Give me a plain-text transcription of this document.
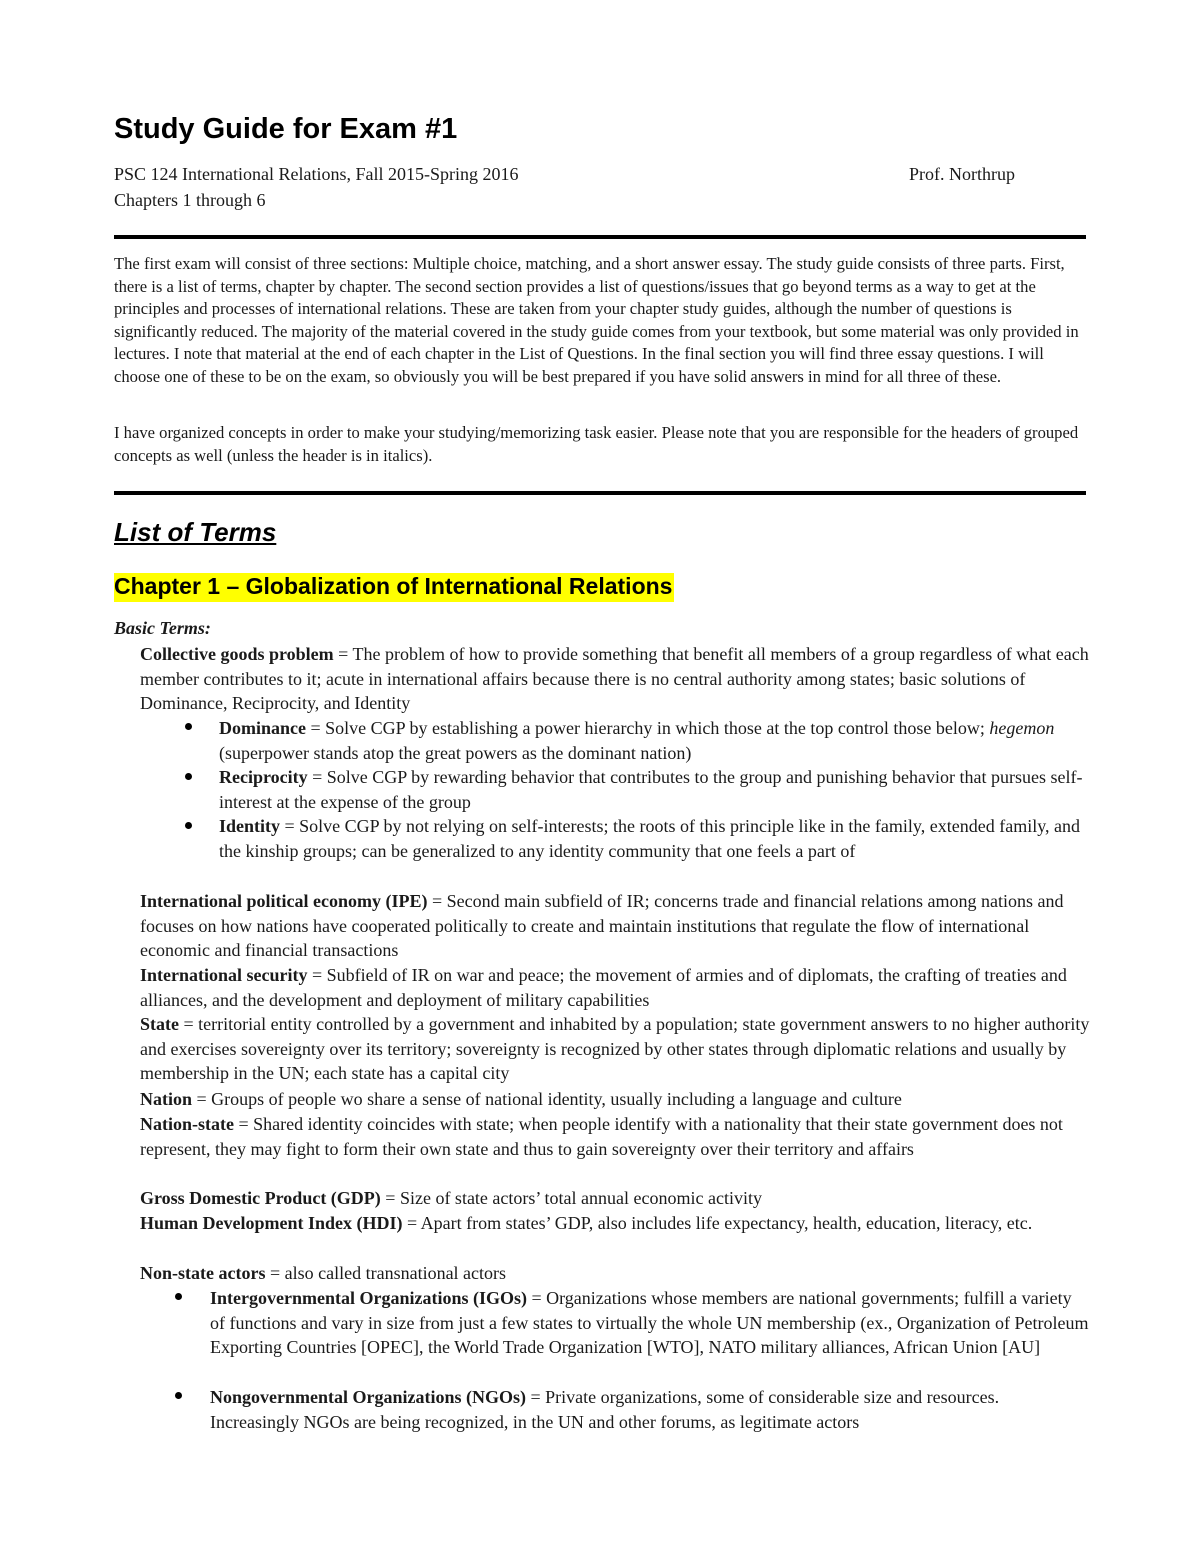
Study Guide for Exam #1
PSC 124 International Relations, Fall 2015-Spring 2016	Prof. Northrup
Chapters 1 through 6

The first exam will consist of three sections: Multiple choice, matching, and a short answer essay. The study guide consists of three parts. First, there is a list of terms, chapter by chapter. The second section provides a list of questions/issues that go beyond terms as a way to get at the principles and processes of international relations. These are taken from your chapter study guides, although the number of questions is significantly reduced. The majority of the material covered in the study guide comes from your textbook, but some material was only provided in lectures. I note that material at the end of each chapter in the List of Questions. In the final section you will find three essay questions. I will choose one of these to be on the exam, so obviously you will be best prepared if you have solid answers in mind for all three of these.

I have organized concepts in order to make your studying/memorizing task easier. Please note that you are responsible for the headers of grouped concepts as well (unless the header is in italics).

List of Terms
Chapter 1 – Globalization of International Relations
Basic Terms:

Collective goods problem = The problem of how to provide something that benefit all members of a group regardless of what each member contributes to it; acute in international affairs because there is no central authority among states; basic solutions of Dominance, Reciprocity, and Identity

Dominance = Solve CGP by establishing a power hierarchy in which those at the top control those below; hegemon (superpower stands atop the great powers as the dominant nation)

Reciprocity = Solve CGP by rewarding behavior that contributes to the group and punishing behavior that pursues self-interest at the expense of the group

Identity = Solve CGP by not relying on self-interests; the roots of this principle like in the family, extended family, and the kinship groups; can be generalized to any identity community that one feels a part of

International political economy (IPE) = Second main subfield of IR; concerns trade and financial relations among nations and focuses on how nations have cooperated politically to create and maintain institutions that regulate the flow of international economic and financial transactions

International security = Subfield of IR on war and peace; the movement of armies and of diplomats, the crafting of treaties and alliances, and the development and deployment of military capabilities

State = territorial entity controlled by a government and inhabited by a population; state government answers to no higher authority and exercises sovereignty over its territory; sovereignty is recognized by other states through diplomatic relations and usually by membership in the UN; each state has a capital city

Nation = Groups of people wo share a sense of national identity, usually including a language and culture

Nation-state = Shared identity coincides with state; when people identify with a nationality that their state government does not represent, they may fight to form their own state and thus to gain sovereignty over their territory and affairs

Gross Domestic Product (GDP) = Size of state actors’ total annual economic activity

Human Development Index (HDI) = Apart from states’ GDP, also includes life expectancy, health, education, literacy, etc.

Non-state actors = also called transnational actors

Intergovernmental Organizations (IGOs) = Organizations whose members are national governments; fulfill a variety of functions and vary in size from just a few states to virtually the whole UN membership (ex., Organization of Petroleum Exporting Countries [OPEC], the World Trade Organization [WTO], NATO military alliances, African Union [AU]

Nongovernmental Organizations (NGOs) = Private organizations, some of considerable size and resources. Increasingly NGOs are being recognized, in the UN and other forums, as legitimate actors
